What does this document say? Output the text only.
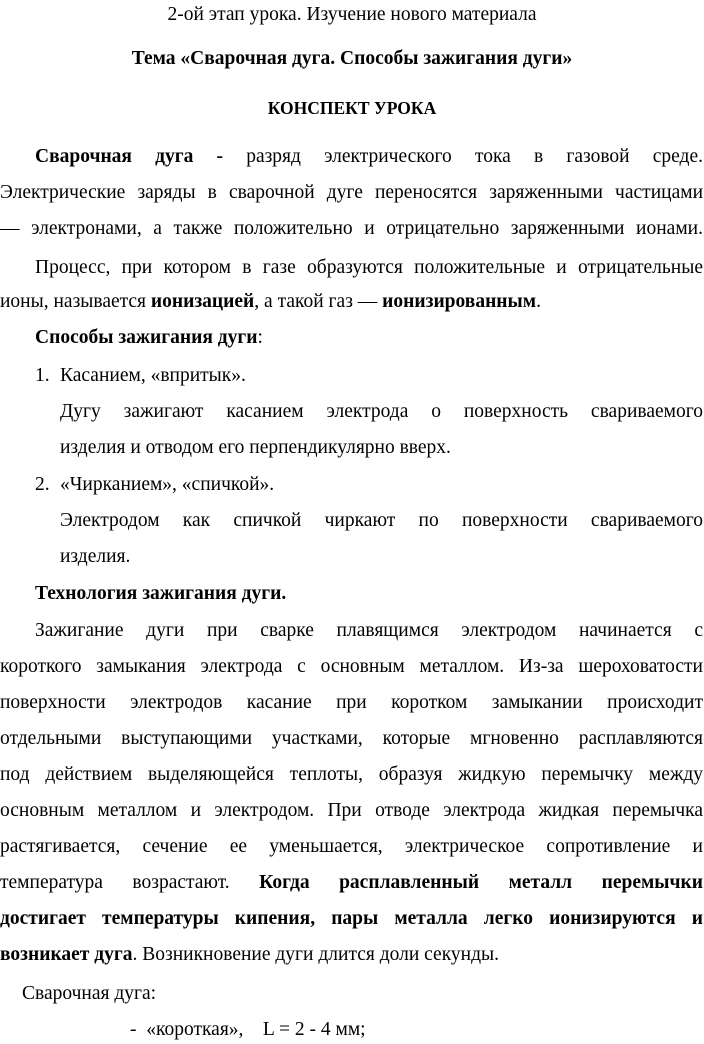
2-ой этап урока. Изучение нового материала
Тема «Сварочная дуга. Способы зажигания дуги»
КОНСПЕКТ УРОКА
Сварочная дуга - разряд электрического тока в газовой среде.
Электрические заряды в сварочной дуге переносятся заряженными частицами
— электронами, а также положительно и отрицательно заряженными ионами.
Процесс, при котором в газе образуются положительные и отрицательные
ионы, называется ионизацией, а такой газ — ионизированным.
Способы зажигания дуги:
1. Касанием, «впритык».
Дугу зажигают касанием электрода о поверхность свариваемого
изделия и отводом его перпендикулярно вверх.
2. «Чирканием», «спичкой».
Электродом как спичкой чиркают по поверхности свариваемого
изделия.
Технология зажигания дуги.
Зажигание дуги при сварке плавящимся электродом начинается с
короткого замыкания электрода с основным металлом. Из-за шероховатости
поверхности электродов касание при коротком замыкании происходит
отдельными выступающими участками, которые мгновенно расплавляются
под действием выделяющейся теплоты, образуя жидкую перемычку между
основным металлом и электродом. При отводе электрода жидкая перемычка
растягивается, сечение ее уменьшается, электрическое сопротивление и
температура возрастают. Когда расплавленный металл перемычки
достигает температуры кипения, пары металла легко ионизируются и
возникает дуга. Возникновение дуги длится доли секунды.
Сварочная дуга:
-  «короткая»,    L = 2 - 4 мм;
